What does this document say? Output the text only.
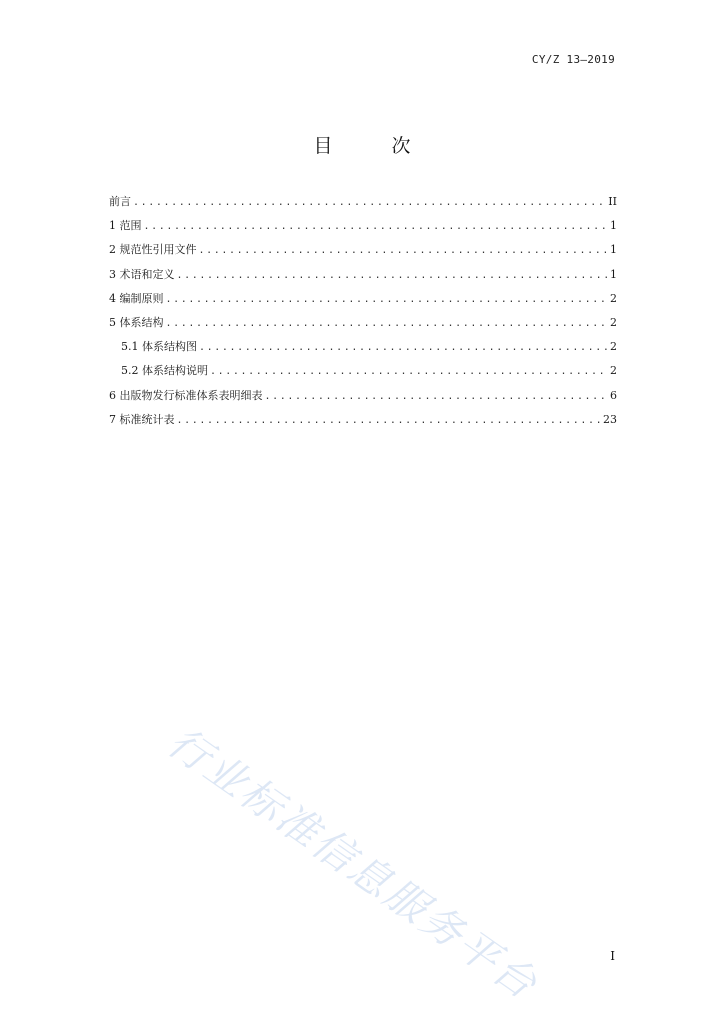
CY/Z 13—2019
目　次
前言 .....	II
1 范围 .....	1
2 规范性引用文件 .....	1
3 术语和定义 .....	1
4 编制原则 .....	2
5 体系结构 .....	2
5.1 体系结构图 .....	2
5.2 体系结构说明 .....	2
6 出版物发行标准体系表明细表 .....	6
7 标准统计表 .....	23
行业标准信息服务平台	I
